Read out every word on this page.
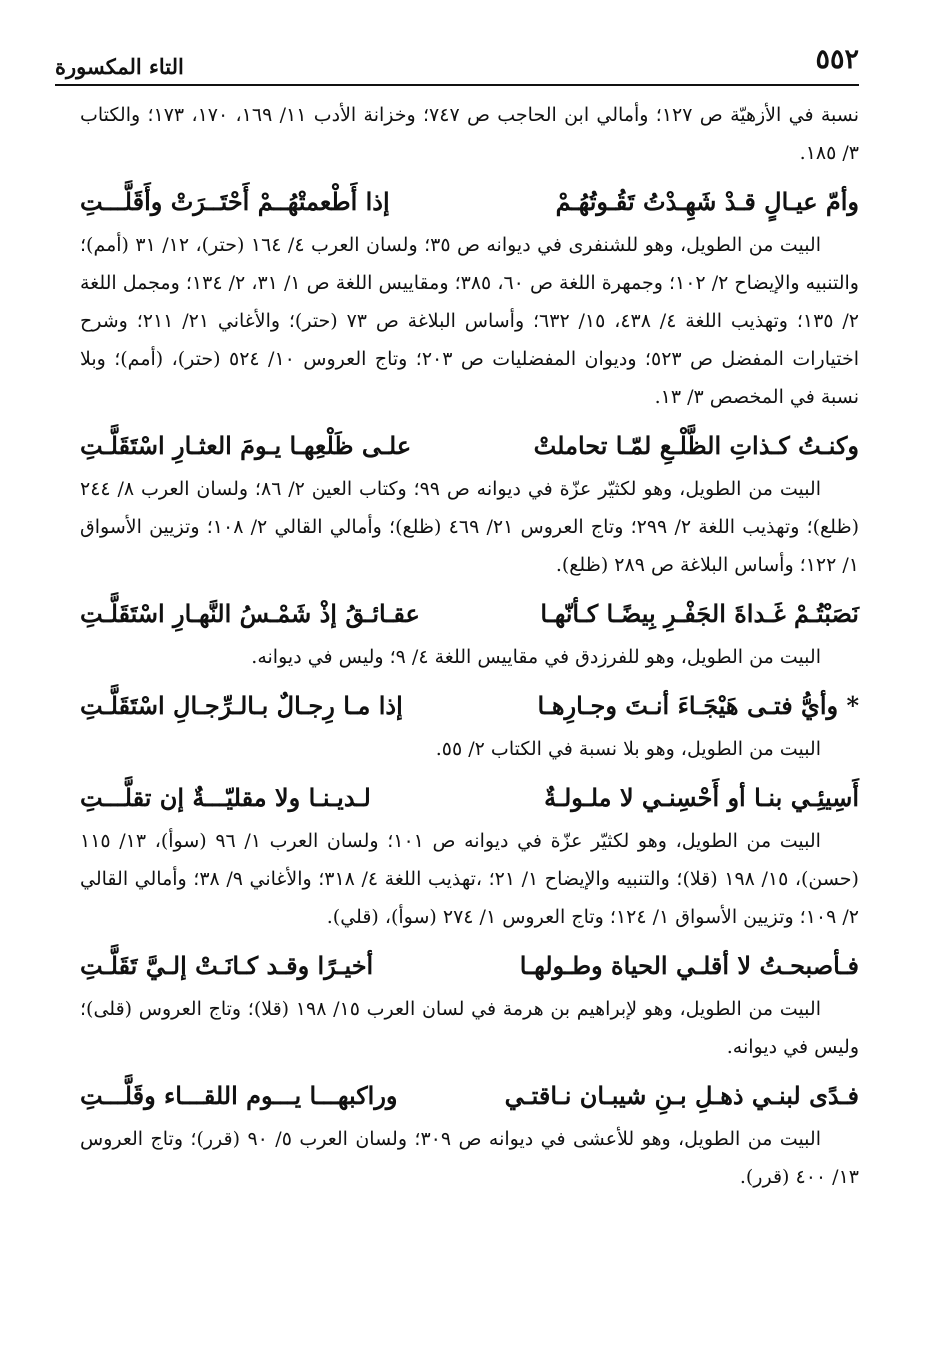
٥٥٢
التاء المكسورة

نسبة في الأزهيّة ص ١٢٧؛ وأمالي ابن الحاجب ص ٧٤٧؛ وخزانة الأدب ١١/ ١٦٩، ١٧٠، ١٧٣؛ والكتاب ٣/ ١٨٥.

وأمّ عيـالٍ قـدْ شَهِـدْتُ تَقُـوتُهُـمْ
إذا أَطْعمتْهُــمْ أَحْتَــرَتْ وأَقَلَّـــتِ

البيت من الطويل، وهو للشنفرى في ديوانه ص ٣٥؛ ولسان العرب ٤/ ١٦٤ (حتر)، ١٢/ ٣١ (أمم)؛ والتنبيه والإيضاح ٢/ ١٠٢؛ وجمهرة اللغة ص ٦٠، ٣٨٥؛ ومقاييس اللغة ص ١/ ٣١، ٢/ ١٣٤؛ ومجمل اللغة ٢/ ١٣٥؛ وتهذيب اللغة ٤/ ٤٣٨، ١٥/ ٦٣٢؛ وأساس البلاغة ص ٧٣ (حتر)؛ والأغاني ٢١/ ٢١١؛ وشرح اختيارات المفضل ص ٥٢٣؛ وديوان المفضليات ص ٢٠٣؛ وتاج العروس ١٠/ ٥٢٤ (حتر)، (أمم)؛ وبلا نسبة في المخصص ٣/ ١٣.

وكنـتُ كـذاتِ الظَّلْـعِ لمّـا تحاملتْ
علـى ظَلْعِهـا يـومَ العثـارِ اسْتَقَلَّـتِ

البيت من الطويل، وهو لكثيّر عزّة في ديوانه ص ٩٩؛ وكتاب العين ٢/ ٨٦؛ ولسان العرب ٨/ ٢٤٤ (ظلع)؛ وتهذيب اللغة ٢/ ٢٩٩؛ وتاج العروس ٢١/ ٤٦٩ (ظلع)؛ وأمالي القالي ٢/ ١٠٨؛ وتزيين الأسواق ١/ ١٢٢؛ وأساس البلاغة ص ٢٨٩ (ظلع).

نَصَبْتُـمْ غَـداةَ الجَفْـرِ بِيضًـا كـأنّهـا
عقـائـقُ إذْ شَمْـسُ النَّهـارِ اسْتَقَلَّـتِ

البيت من الطويل، وهو للفرزدق في مقاييس اللغة ٤/ ٩؛ وليس في ديوانه.

* وأيُّ فتـى هَيْجَـاءَ أنـتَ وجـارِهـا
إذا مـا رِجـالٌ بـالـرِّجـالِ اسْتَقَلَّـتِ

البيت من الطويل، وهو بلا نسبة في الكتاب ٢/ ٥٥.

أَسِيئِـي بنـا أو أَحْسِنـي لا ملـولـةٌ
لـديـنـا ولا مقليّـــةٌ إن تقلَّـــتِ

البيت من الطويل، وهو لكثيّر عزّة في ديوانه ص ١٠١؛ ولسان العرب ١/ ٩٦ (سوأ)، ١٣/ ١١٥ (حسن)، ١٥/ ١٩٨ (قلا)؛ والتنبيه والإيضاح ١/ ٢١؛ ،تهذيب اللغة ٤/ ٣١٨؛ والأغاني ٩/ ٣٨؛ وأمالي القالي ٢/ ١٠٩؛ وتزيين الأسواق ١/ ١٢٤؛ وتاج العروس ١/ ٢٧٤ (سوأ)، (قلي).

فـأصبحـتُ لا أقلـي الحياة وطـولهـا
أخيـرًا وقـد كـانَـتْ إلـيَّ تَقَلَّـتِ

البيت من الطويل، وهو لإبراهيم بن هرمة في لسان العرب ١٥/ ١٩٨ (قلا)؛ وتاج العروس (قلى)؛ وليس في ديوانه.

فـدًى لبنـي ذهـلِ بـنِ شيبـان نـاقتـي
وراكبهـــا يـــوم اللقـــاء وقَلَّـــتِ

البيت من الطويل، وهو للأعشى في ديوانه ص ٣٠٩؛ ولسان العرب ٥/ ٩٠ (قرر)؛ وتاج العروس ١٣/ ٤٠٠ (قرر).
